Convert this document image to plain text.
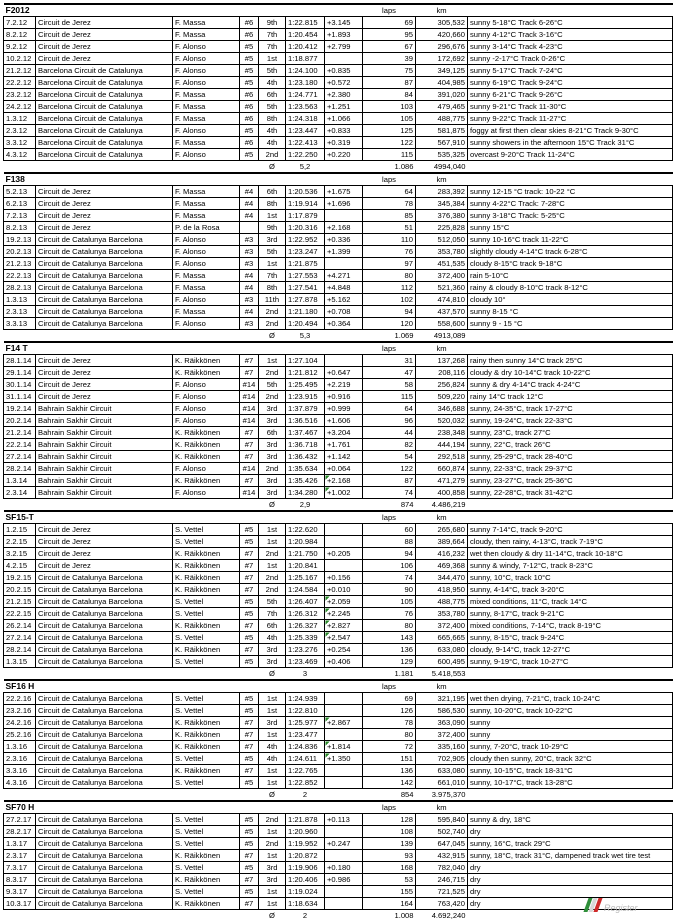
F2012							laps	km	
7.2.12	Circuit de Jerez	F. Massa	#6	9th	1:22.815	+3.145	69	305,532	sunny 5-18°C Track 6-26°C
8.2.12	Circuit de Jerez	F. Massa	#6	7th	1:20.454	+1.893	95	420,660	sunny 4-12°C Track 3-16°C
9.2.12	Circuit de Jerez	F. Alonso	#5	7th	1:20.412	+2.799	67	296,676	sunny 3-14°C Track 4-23°C
10.2.12	Circuit de Jerez	F. Alonso	#5	1st	1:18.877		39	172,692	sunny -2-17°C Track 0-26°C
21.2.12	Barcelona Circuit de Catalunya	F. Alonso	#5	5th	1:24.100	+0.835	75	349,125	sunny 5-17°C Track 7-24°C
22.2.12	Barcelona Circuit de Catalunya	F. Alonso	#5	4th	1:23.180	+0.572	87	404,985	sunny 6-19°C Track 9-24°C
23.2.12	Barcelona Circuit de Catalunya	F. Massa	#6	6th	1:24.771	+2.380	84	391,020	sunny 6-21°C Track 9-26°C
24.2.12	Barcelona Circuit de Catalunya	F. Massa	#6	5th	1:23.563	+1.251	103	479,465	sunny 9-21°C Track 11-30°C
1.3.12	Barcelona Circuit de Catalunya	F. Massa	#6	8th	1:24.318	+1.066	105	488,775	sunny 9-22°C Track 11-27°C
2.3.12	Barcelona Circuit de Catalunya	F. Alonso	#5	4th	1:23.447	+0.833	125	581,875	foggy at first then clear skies 8-21°C Track 9-30°C
3.3.12	Barcelona Circuit de Catalunya	F. Massa	#6	4th	1:22.413	+0.319	122	567,910	sunny showers in the afternoon 15°C Track 31°C
4.3.12	Barcelona Circuit de Catalunya	F. Alonso	#5	2nd	1:22.250	+0.220	115	535,325	overcast 9-20°C Track 11-24°C
				Ø	5,2		1.086	4994,040	
F138							laps	km	
5.2.13	Circuit de Jerez	F. Massa	#4	6th	1:20.536	+1.675	64	283,392	sunny 12-15 °C track: 10-22 °C
6.2.13	Circuit de Jerez	F. Massa	#4	8th	1:19.914	+1.696	78	345,384	sunny 4-22°C Track: 7-28°C
7.2.13	Circuit de Jerez	F. Massa	#4	1st	1:17.879		85	376,380	sunny 3-18°C Track: 5-25°C
8.2.13	Circuit de Jerez	P. de la Rosa		9th	1:20.316	+2.168	51	225,828	sunny 15°C
19.2.13	Circuit de Catalunya Barcelona	F. Alonso	#3	3rd	1:22.952	+0.336	110	512,050	sunny 10-16°C track 11-22°C
20.2.13	Circuit de Catalunya Barcelona	F. Alonso	#3	5th	1:23.247	+1.399	76	353,780	slightly cloudy 4-14°C track 6-28°C
21.2.13	Circuit de Catalunya Barcelona	F. Alonso	#3	1st	1:21.875		97	451,535	cloudy 8-15°C track 9-18°C
22.2.13	Circuit de Catalunya Barcelona	F. Massa	#4	7th	1:27.553	+4.271	80	372,400	rain 5-10°C
28.2.13	Circuit de Catalunya Barcelona	F. Massa	#4	8th	1:27.541	+4.848	112	521,360	rainy & cloudy 8-10°C track 8-12°C
1.3.13	Circuit de Catalunya Barcelona	F. Alonso	#3	11th	1:27.878	+5.162	102	474,810	cloudy 10°
2.3.13	Circuit de Catalunya Barcelona	F. Massa	#4	2nd	1:21.180	+0.708	94	437,570	sunny 8-15 °C
3.3.13	Circuit de Catalunya Barcelona	F. Alonso	#3	2nd	1:20.494	+0.364	120	558,600	sunny 9 - 15 °C
				Ø	5,3		1.069	4913,089	
F14 T							laps	km	
28.1.14	Circuit de Jerez	K. Räikkönen	#7	1st	1:27.104		31	137,268	rainy then sunny 14°C track 25°C
29.1.14	Circuit de Jerez	K. Räikkönen	#7	2nd	1:21.812	+0.647	47	208,116	cloudy & dry 10-14°C track 10-22°C
30.1.14	Circuit de Jerez	F. Alonso	#14	5th	1:25.495	+2.219	58	256,824	sunny & dry 4-14°C track 4-24°C
31.1.14	Circuit de Jerez	F. Alonso	#14	2nd	1:23.915	+0.916	115	509,220	rainy 14°C track 12°C
19.2.14	Bahrain Sakhir Circuit	F. Alonso	#14	3rd	1:37.879	+0.999	64	346,688	sunny, 24-35°C, track 17-27°C
20.2.14	Bahrain Sakhir Circuit	F. Alonso	#14	3rd	1:36.516	+1.606	96	520,032	sunny, 19-24°C, track 22-33°C
21.2.14	Bahrain Sakhir Circuit	K. Räikkönen	#7	6th	1:37.467	+3.204	44	238,348	sunny, 23°C, track 27°C
22.2.14	Bahrain Sakhir Circuit	K. Räikkönen	#7	3rd	1:36.718	+1.761	82	444,194	sunny, 22°C, track 26°C
27.2.14	Bahrain Sakhir Circuit	K. Räikkönen	#7	3rd	1:36.432	+1.142	54	292,518	sunny, 25-29°C, track 28-40°C
28.2.14	Bahrain Sakhir Circuit	F. Alonso	#14	2nd	1:35.634	+0.064	122	660,874	sunny, 22-33°C, track 29-37°C
1.3.14	Bahrain Sakhir Circuit	K. Räikkönen	#7	3rd	1:35.426	+2.168	87	471,279	sunny, 23-27°C, track 25-36°C
2.3.14	Bahrain Sakhir Circuit	F. Alonso	#14	3rd	1:34.280	+1.002	74	400,858	sunny, 22-28°C, track 31-42°C
				Ø	2,9		874	4.486,219	
SF15-T							laps	km	
1.2.15	Circuit de Jerez	S. Vettel	#5	1st	1:22.620		60	265,680	sunny 7-14°C, track 9-20°C
2.2.15	Circuit de Jerez	S. Vettel	#5	1st	1:20.984		88	389,664	cloudy, then rainy, 4-13°C, track 7-19°C
3.2.15	Circuit de Jerez	K. Räikkönen	#7	2nd	1:21.750	+0.205	94	416,232	wet then cloudy & dry 11-14°C, track 10-18°C
4.2.15	Circuit de Jerez	K. Räikkönen	#7	1st	1:20.841		106	469,368	sunny & windy, 7-12°C, track 8-23°C
19.2.15	Circuit de Catalunya Barcelona	K. Räikkönen	#7	2nd	1:25.167	+0.156	74	344,470	sunny, 10°C, track 10°C
20.2.15	Circuit de Catalunya Barcelona	K. Räikkönen	#7	2nd	1:24.584	+0.010	90	418,950	sunny, 4-14°C, track 3-20°C
21.2.15	Circuit de Catalunya Barcelona	S. Vettel	#5	5th	1:26.407	+2.059	105	488,775	mixed conditions, 11°C, track 14°C
22.2.15	Circuit de Catalunya Barcelona	S. Vettel	#5	7th	1:26.312	+2.245	76	353,780	sunny, 8-17°C, track 9-21°C
26.2.14	Circuit de Catalunya Barcelona	K. Räikkönen	#7	6th	1:26.327	+2.827	80	372,400	mixed conditions, 7-14°C, track 8-19°C
27.2.14	Circuit de Catalunya Barcelona	S. Vettel	#5	4th	1:25.339	+2.547	143	665,665	sunny, 8-15°C, track 9-24°C
28.2.14	Circuit de Catalunya Barcelona	K. Räikkönen	#7	3rd	1:23.276	+0.254	136	633,080	cloudy, 9-14°C, track 12-27°C
1.3.15	Circuit de Catalunya Barcelona	S. Vettel	#5	3rd	1:23.469	+0.406	129	600,495	sunny, 9-19°C, track 10-27°C
				Ø	3		1.181	5.418,553	
SF16 H							laps	km	
22.2.16	Circuit de Catalunya Barcelona	S. Vettel	#5	1st	1:24.939		69	321,195	wet then drying, 7-21°C, track 10-24°C
23.2.16	Circuit de Catalunya Barcelona	S. Vettel	#5	1st	1:22.810		126	586,530	sunny, 10-20°C, track 10-22°C
24.2.16	Circuit de Catalunya Barcelona	K. Räikkönen	#7	3rd	1:25.977	+2.867	78	363,090	sunny
25.2.16	Circuit de Catalunya Barcelona	K. Räikkönen	#7	1st	1:23.477		80	372,400	sunny
1.3.16	Circuit de Catalunya Barcelona	K. Räikkönen	#7	4th	1:24.836	+1.814	72	335,160	sunny, 7-20°C, track 10-29°C
2.3.16	Circuit de Catalunya Barcelona	S. Vettel	#5	4th	1:24.611	+1.350	151	702,905	cloudy then sunny, 20°C, track 32°C
3.3.16	Circuit de Catalunya Barcelona	K. Räikkönen	#7	1st	1:22.765		136	633,080	sunny, 10-15°C, track 18-31°C
4.3.16	Circuit de Catalunya Barcelona	S. Vettel	#5	1st	1:22.852		142	661,010	sunny, 10-17°C, track 13-28°C
				Ø	2		854	3.975,370	
SF70 H							laps	km	
27.2.17	Circuit de Catalunya Barcelona	S. Vettel	#5	2nd	1:21.878	+0.113	128	595,840	sunny & dry, 18°C
28.2.17	Circuit de Catalunya Barcelona	S. Vettel	#5	1st	1:20.960		108	502,740	dry
1.3.17	Circuit de Catalunya Barcelona	S. Vettel	#5	2nd	1:19.952	+0.247	139	647,045	sunny, 16°C, track 29°C
2.3.17	Circuit de Catalunya Barcelona	K. Räikkönen	#7	1st	1:20.872		93	432,915	sunny, 18°C, track 31°C, dampened track wet tire test
7.3.17	Circuit de Catalunya Barcelona	S. Vettel	#5	3rd	1:19.906	+0.180	168	782,040	dry
8.3.17	Circuit de Catalunya Barcelona	K. Räikkönen	#7	3rd	1:20.406	+0.986	53	246,715	dry
9.3.17	Circuit de Catalunya Barcelona	S. Vettel	#5	1st	1:19.024		155	721,525	dry
10.3.17	Circuit de Catalunya Barcelona	K. Räikkönen	#7	1st	1:18.634		164	763,420	dry
				Ø	2		1.008	4.692,240	
Register
